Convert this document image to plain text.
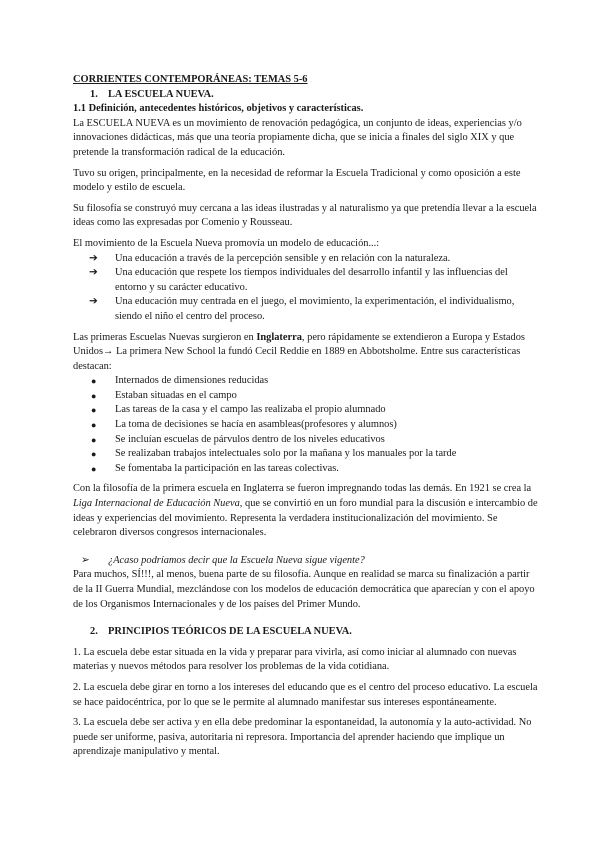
CORRIENTES CONTEMPORÁNEAS: TEMAS 5-6

1. LA ESCUELA NUEVA.

1.1 Definición, antecedentes históricos, objetivos y características.

La ESCUELA NUEVA es un movimiento de renovación pedagógica, un conjunto de ideas, experiencias y/o innovaciones didácticas, más que una teoría propiamente dicha, que se inicia a finales del siglo XIX y que pretende la transformación radical de la educación.

Tuvo su origen, principalmente, en la necesidad de reformar la Escuela Tradicional y como oposición a este modelo y estilo de escuela.

Su filosofía se construyó muy cercana a las ideas ilustradas y al naturalismo ya que pretendía llevar a la escuela ideas como las expresadas por Comenio y Rousseau.

El movimiento de la Escuela Nueva promovía un modelo de educación...:

➔ Una educación a través de la percepción sensible y en relación con la naturaleza.
➔ Una educación que respete los tiempos individuales del desarrollo infantil y las influencias del entorno y su carácter educativo.
➔ Una educación muy centrada en el juego, el movimiento, la experimentación, el individualismo, siendo el niño el centro del proceso.

Las primeras Escuelas Nuevas surgieron en Inglaterra, pero rápidamente se extendieron a Europa y Estados Unidos→ La primera New School la fundó Cecil Reddie en 1889 en Abbotsholme. Entre sus características destacan:

● Internados de dimensiones reducidas
● Estaban situadas en el campo
● Las tareas de la casa y el campo las realizaba el propio alumnado
● La toma de decisiones se hacía en asambleas(profesores y alumnos)
● Se incluían escuelas de párvulos dentro de los niveles educativos
● Se realizaban trabajos intelectuales solo por la mañana y los manuales por la tarde
● Se fomentaba la participación en las tareas colectivas.

Con la filosofía de la primera escuela en Inglaterra se fueron impregnando todas las demás. En 1921 se crea la Liga Internacional de Educación Nueva, que se convirtió en un foro mundial para la discusión e intercambio de ideas y experiencias del movimiento. Representa la verdadera institucionalización del movimiento. Se celebraron diversos congresos internacionales.

➢ ¿Acaso podríamos decir que la Escuela Nueva sigue vigente?

Para muchos, SÍ!!!, al menos, buena parte de su filosofía. Aunque en realidad se marca su finalización a partir de la II Guerra Mundial, mezclándose con los modelos de educación democrática que aparecían y con el apoyo de los Organismos Internacionales y de los países del Primer Mundo.

2. PRINCIPIOS TEÓRICOS DE LA ESCUELA NUEVA.

1. La escuela debe estar situada en la vida y preparar para vivirla, así como iniciar al alumnado con nuevas materias y nuevos métodos para resolver los problemas de la vida cotidiana.

2. La escuela debe girar en torno a los intereses del educando que es el centro del proceso educativo. La escuela se hace paidocéntrica, por lo que se le permite al alumnado manifestar sus intereses espontáneamente.

3. La escuela debe ser activa y en ella debe predominar la espontaneidad, la autonomía y la auto-actividad. No puede ser uniforme, pasiva, autoritaria ni represora. Importancia del aprender haciendo que implique un aprendizaje manipulativo y mental.
